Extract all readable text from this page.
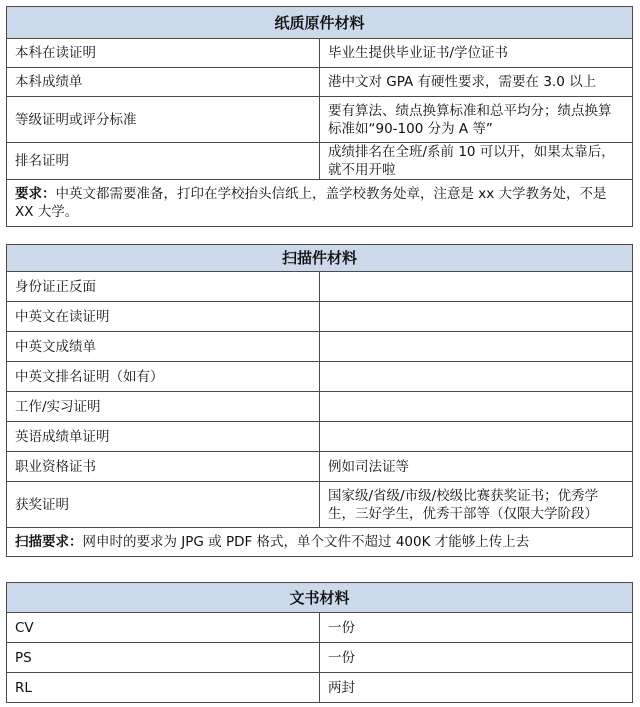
纸质原件材料	
本科在读证明	毕业生提供毕业证书/学位证书
本科成绩单	港中文对 GPA 有硬性要求，需要在 3.0 以上
等级证明或评分标准	要有算法、绩点换算标准和总平均分；绩点换算标准如“90-100 分为 A 等”
排名证明	成绩排名在全班/系前 10 可以开，如果太靠后，就不用开啦
要求：中英文都需要准备，打印在学校抬头信纸上，盖学校教务处章，注意是 xx 大学教务处，不是 XX 大学。	
扫描件材料	
身份证正反面	
中英文在读证明	
中英文成绩单	
中英文排名证明（如有）	
工作/实习证明	
英语成绩单证明	
职业资格证书	例如司法证等
获奖证明	国家级/省级/市级/校级比赛获奖证书；优秀学生，三好学生，优秀干部等（仅限大学阶段）
扫描要求：网申时的要求为 JPG 或 PDF 格式，单个文件不超过 400K 才能够上传上去	
文书材料	
CV	一份
PS	一份
RL	两封
